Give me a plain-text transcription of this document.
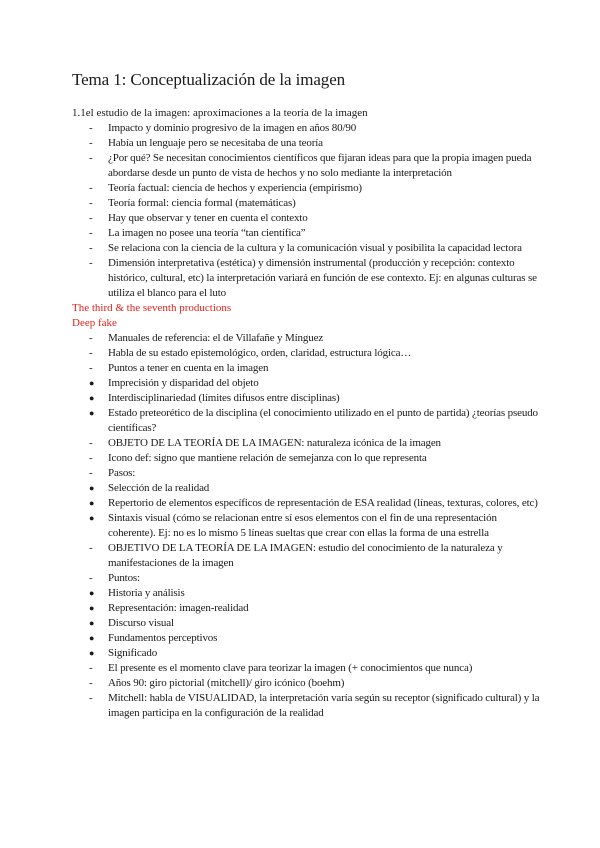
Tema 1: Conceptualización de la imagen

1.1el estudio de la imagen: aproximaciones a la teoría de la imagen

-	Impacto y dominio progresivo de la imagen en años 80/90
-	Había un lenguaje pero se necesitaba de una teoría
-	¿Por qué? Se necesitan conocimientos científicos que fijaran ideas para que la propia imagen pueda abordarse desde un punto de vista de hechos y no solo mediante la interpretación
-	Teoría factual: ciencia de hechos y experiencia (empirismo)
-	Teoría formal: ciencia formal (matemáticas)
-	Hay que observar y tener en cuenta el contexto
-	La imagen no posee una teoría “tan científica”
-	Se relaciona con la ciencia de la cultura y la comunicación visual y posibilita la capacidad lectora
-	Dimensión interpretativa (estética) y dimensión instrumental (producción y recepción: contexto histórico, cultural, etc) la interpretación variará en función de ese contexto. Ej: en algunas culturas se utiliza el blanco para el luto
The third & the seventh productions
Deep fake
-	Manuales de referencia: el de Villafañe y Mínguez
-	Habla de su estado epistemológico, orden, claridad, estructura lógica…
-	Puntos a tener en cuenta en la imagen
●	Imprecisión y disparidad del objeto
●	Interdisciplinariedad (límites difusos entre disciplinas)
●	Estado preteorético de la disciplina (el conocimiento utilizado en el punto de partida) ¿teorías pseudo científicas?
-	OBJETO DE LA TEORÍA DE LA IMAGEN: naturaleza icónica de la imagen
-	Icono def: signo que mantiene relación de semejanza con lo que representa
-	Pasos:
●	Selección de la realidad
●	Repertorio de elementos específicos de representación de ESA realidad (líneas, texturas, colores, etc)
●	Sintaxis visual (cómo se relacionan entre sí esos elementos con el fin de una representación coherente). Ej: no es lo mismo 5 líneas sueltas que crear con ellas la forma de una estrella
-	OBJETIVO DE LA TEORÍA DE LA IMAGEN: estudio del conocimiento de la naturaleza y manifestaciones de la imagen
-	Puntos:
●	Historia y análisis
●	Representación: imagen-realidad
●	Discurso visual
●	Fundamentos perceptivos
●	Significado
-	El presente es el momento clave para teorizar la imagen (+ conocimientos que nunca)
-	Años 90: giro pictorial (mitchell)/ giro icónico (boehm)
-	Mitchell: habla de VISUALIDAD, la interpretación varía según su receptor (significado cultural) y la imagen participa en la configuración de la realidad
